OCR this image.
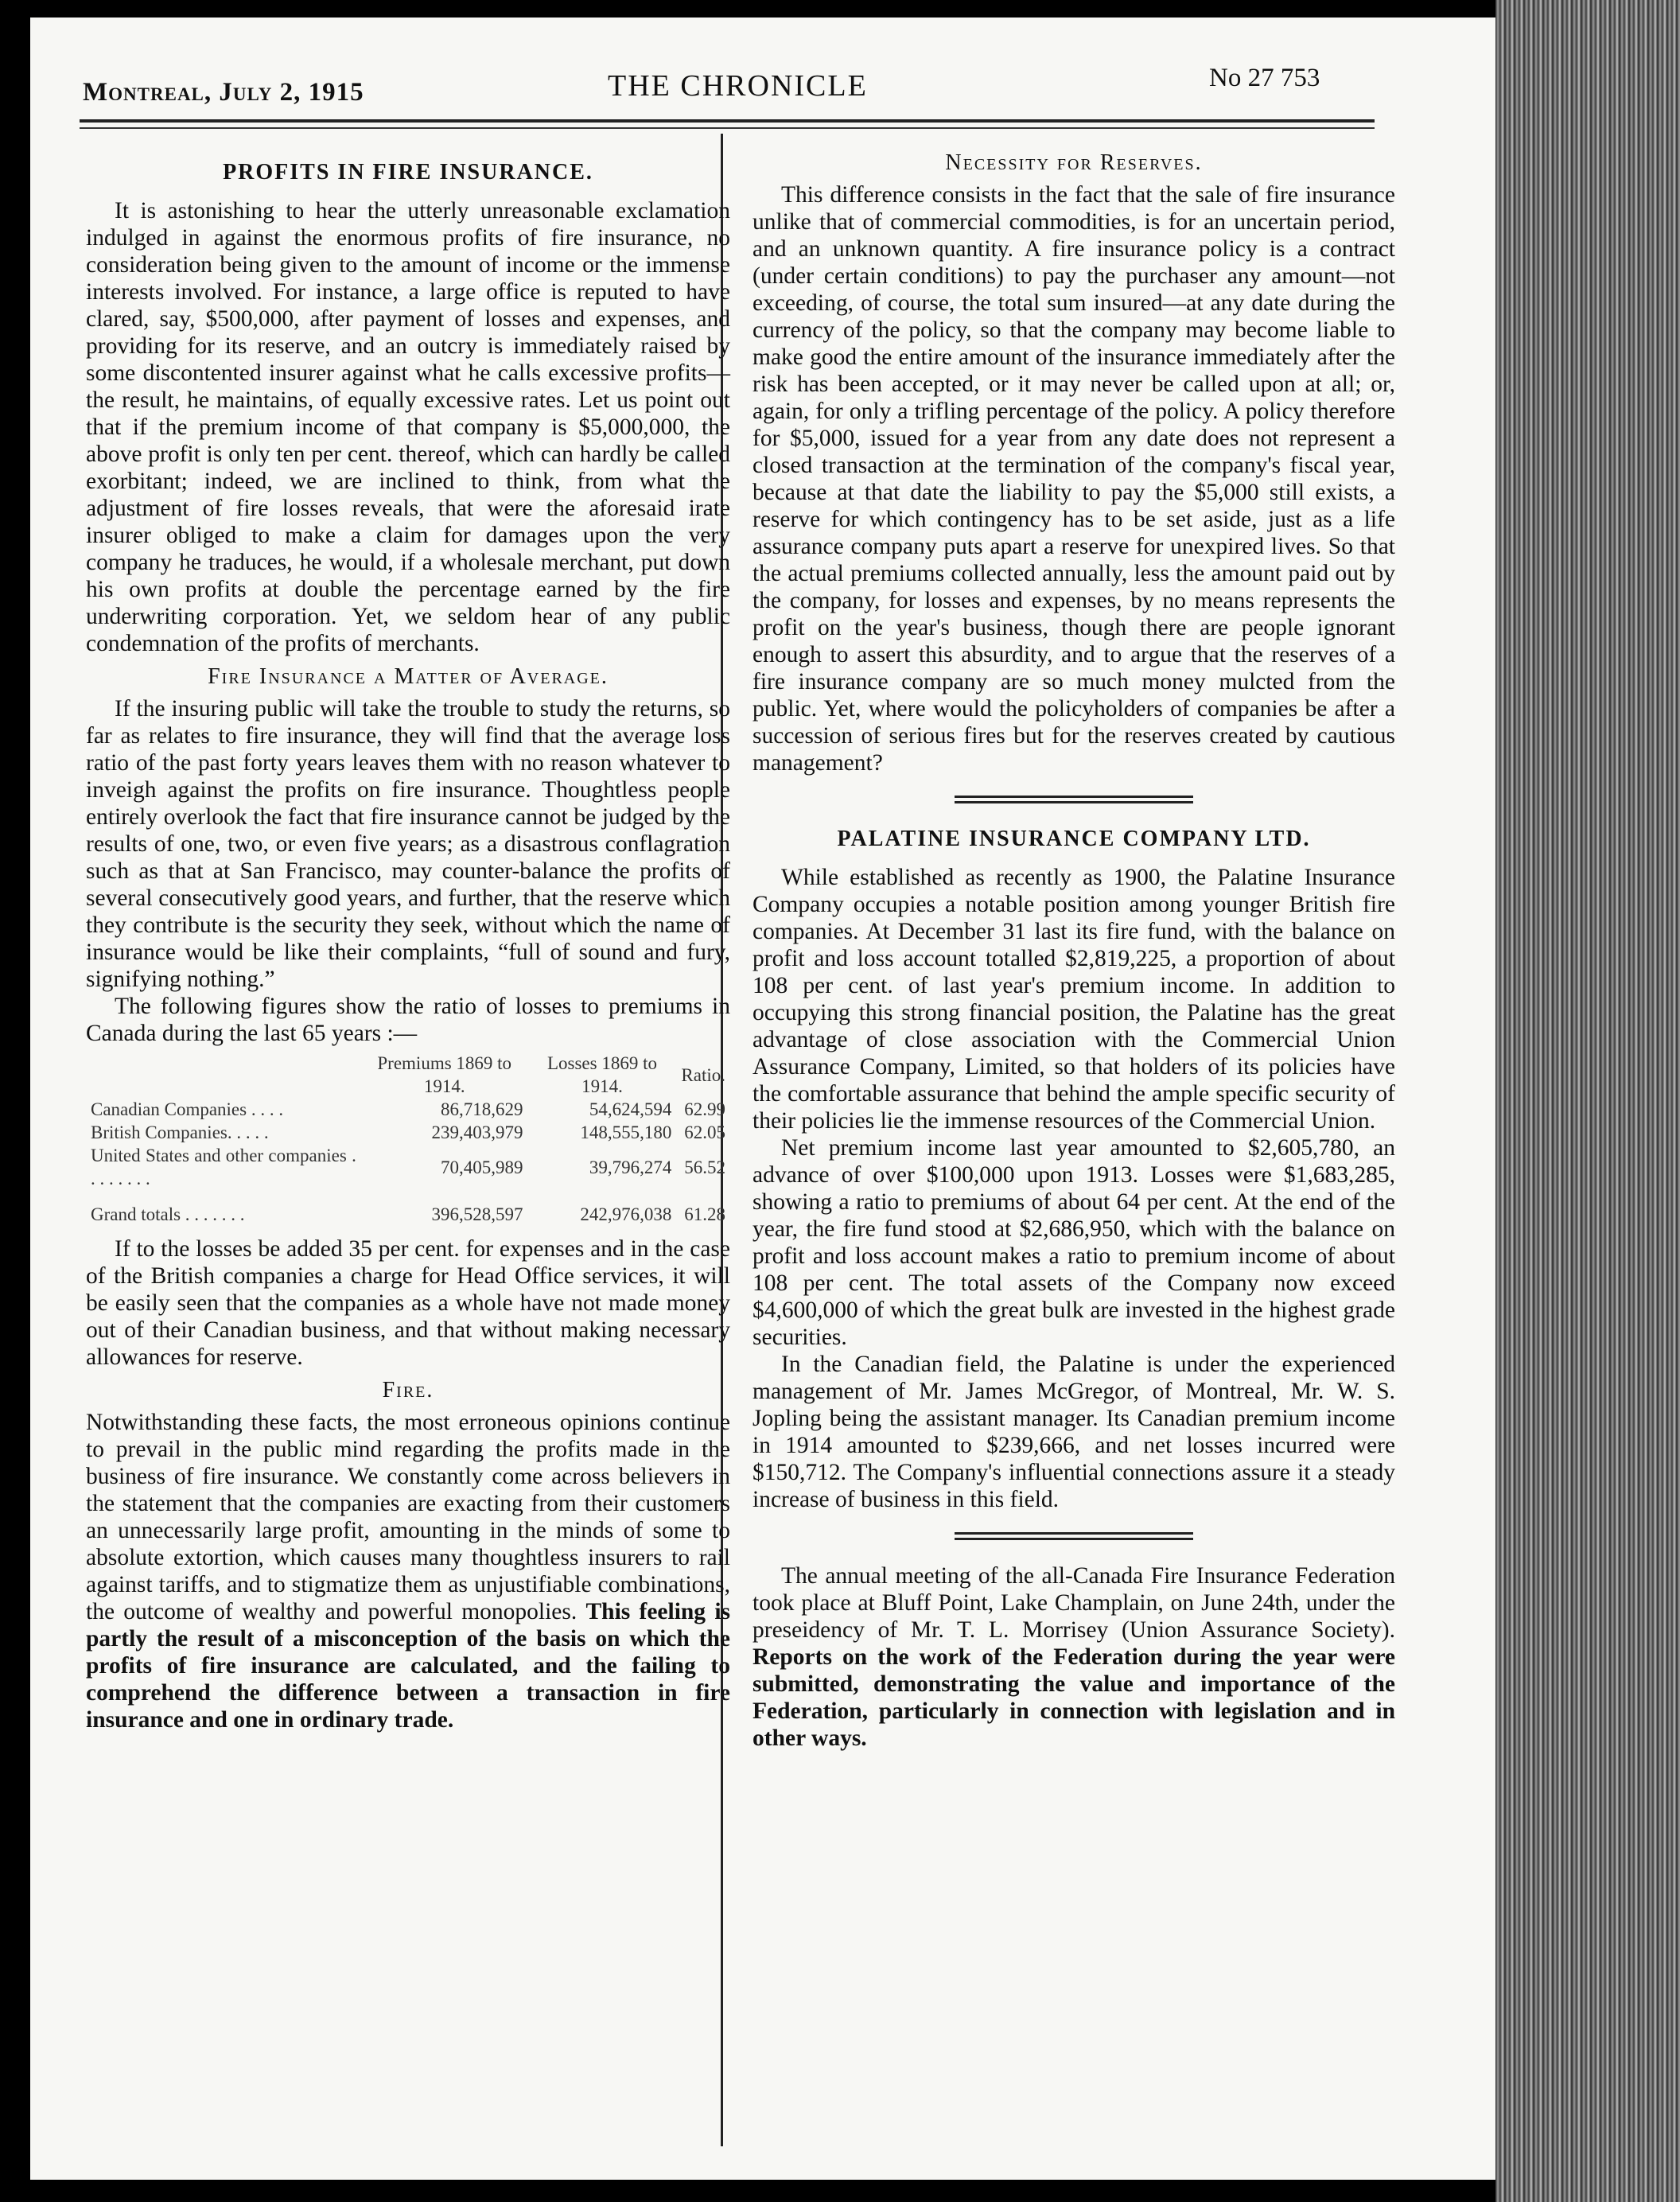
Montreal, July 2, 1915	THE CHRONICLE	No 27 753
PROFITS IN FIRE INSURANCE.

It is astonishing to hear the utterly unreasonable exclamation indulged in against the enormous profits of fire insurance, no consideration being given to the amount of income or the immense interests involved. For instance, a large office is reputed to have clared, say, $500,000, after payment of losses and expenses, and providing for its reserve, and an outcry is immediately raised by some discontented insurer against what he calls excessive profits— the result, he maintains, of equally excessive rates. Let us point out that if the premium income of that company is $5,000,000, the above profit is only ten per cent. thereof, which can hardly be called exorbitant; indeed, we are inclined to think, from what the adjustment of fire losses reveals, that were the aforesaid irate insurer obliged to make a claim for damages upon the very company he traduces, he would, if a wholesale merchant, put down his own profits at double the percentage earned by the fire underwriting corporation. Yet, we seldom hear of any public condemnation of the profits of merchants.

Fire Insurance a Matter of Average.

If the insuring public will take the trouble to study the returns, so far as relates to fire insurance, they will find that the average loss ratio of the past forty years leaves them with no reason whatever to inveigh against the profits on fire insurance. Thoughtless people entirely overlook the fact that fire insurance cannot be judged by the results of one, two, or even five years; as a disastrous conflagration such as that at San Francisco, may counter-balance the profits of several consecutively good years, and further, that the reserve which they contribute is the security they seek, without which the name of insurance would be like their complaints, “full of sound and fury, signifying nothing.”

The following figures show the ratio of losses to premiums in Canada during the last 65 years :—

	Premiums 1869 to 1914.	Losses 1869 to 1914.	Ratio.
Canadian Companies . . . .	86,718,629	54,624,594	62.99
British Companies. . . . .	239,403,979	148,555,180	62.05
United States and other companies . . . . . . . .	70,405,989	39,796,274	56.52
Grand totals . . . . . . .	396,528,597	242,976,038	61.28

If to the losses be added 35 per cent. for expenses and in the case of the British companies a charge for Head Office services, it will be easily seen that the companies as a whole have not made money out of their Canadian business, and that without making necessary allowances for reserve.

Fire.

Notwithstanding these facts, the most erroneous opinions continue to prevail in the public mind regarding the profits made in the business of fire insurance. We constantly come across believers in the statement that the companies are exacting from their customers an unnecessarily large profit, amounting in the minds of some to absolute extortion, which causes many thoughtless insurers to rail against tariffs, and to stigmatize them as unjustifiable combinations, the outcome of wealthy and powerful monopolies.

This feeling is partly the result of a misconception of the basis on which the profits of fire insurance are calculated, and the failing to comprehend the difference between a transaction in fire insurance and one in ordinary trade.
Necessity for Reserves.

This difference consists in the fact that the sale of fire insurance unlike that of commercial commodities, is for an uncertain period, and an unknown quantity. A fire insurance policy is a contract (under certain conditions) to pay the purchaser any amount—not exceeding, of course, the total sum insured—at any date during the currency of the policy, so that the company may become liable to make good the entire amount of the insurance immediately after the risk has been accepted, or it may never be called upon at all; or, again, for only a trifling percentage of the policy. A policy therefore for $5,000, issued for a year from any date does not represent a closed transaction at the termination of the company's fiscal year, because at that date the liability to pay the $5,000 still exists, a reserve for which contingency has to be set aside, just as a life assurance company puts apart a reserve for unexpired lives. So that the actual premiums collected annually, less the amount paid out by the company, for losses and expenses, by no means represents the profit on the year's business, though there are people ignorant enough to assert this absurdity, and to argue that the reserves of a fire insurance company are so much money mulcted from the public. Yet, where would the policyholders of companies be after a succession of serious fires but for the reserves created by cautious management?

PALATINE INSURANCE COMPANY LTD.

While established as recently as 1900, the Palatine Insurance Company occupies a notable position among younger British fire companies. At December 31 last its fire fund, with the balance on profit and loss account totalled $2,819,225, a proportion of about 108 per cent. of last year's premium income. In addition to occupying this strong financial position, the Palatine has the great advantage of close association with the Commercial Union Assurance Company, Limited, so that holders of its policies have the comfortable assurance that behind the ample specific security of their policies lie the immense resources of the Commercial Union.

Net premium income last year amounted to $2,605,780, an advance of over $100,000 upon 1913. Losses were $1,683,285, showing a ratio to premiums of about 64 per cent. At the end of the year, the fire fund stood at $2,686,950, which with the balance on profit and loss account makes a ratio to premium income of about 108 per cent. The total assets of the Company now exceed $4,600,000 of which the great bulk are invested in the highest grade securities.

In the Canadian field, the Palatine is under the experienced management of Mr. James McGregor, of Montreal, Mr. W. S. Jopling being the assistant manager. Its Canadian premium income in 1914 amounted to $239,666, and net losses incurred were $150,712. The Company's influential connections assure it a steady increase of business in this field.

The annual meeting of the all-Canada Fire Insurance Federation took place at Bluff Point, Lake Champlain, on June 24th, under the preseidency of Mr. T. L. Morrisey (Union Assurance Society). Reports on the work of the Federation during the year were submitted, demonstrating the value and importance of the Federation, particularly in connection with legislation and in other ways.
